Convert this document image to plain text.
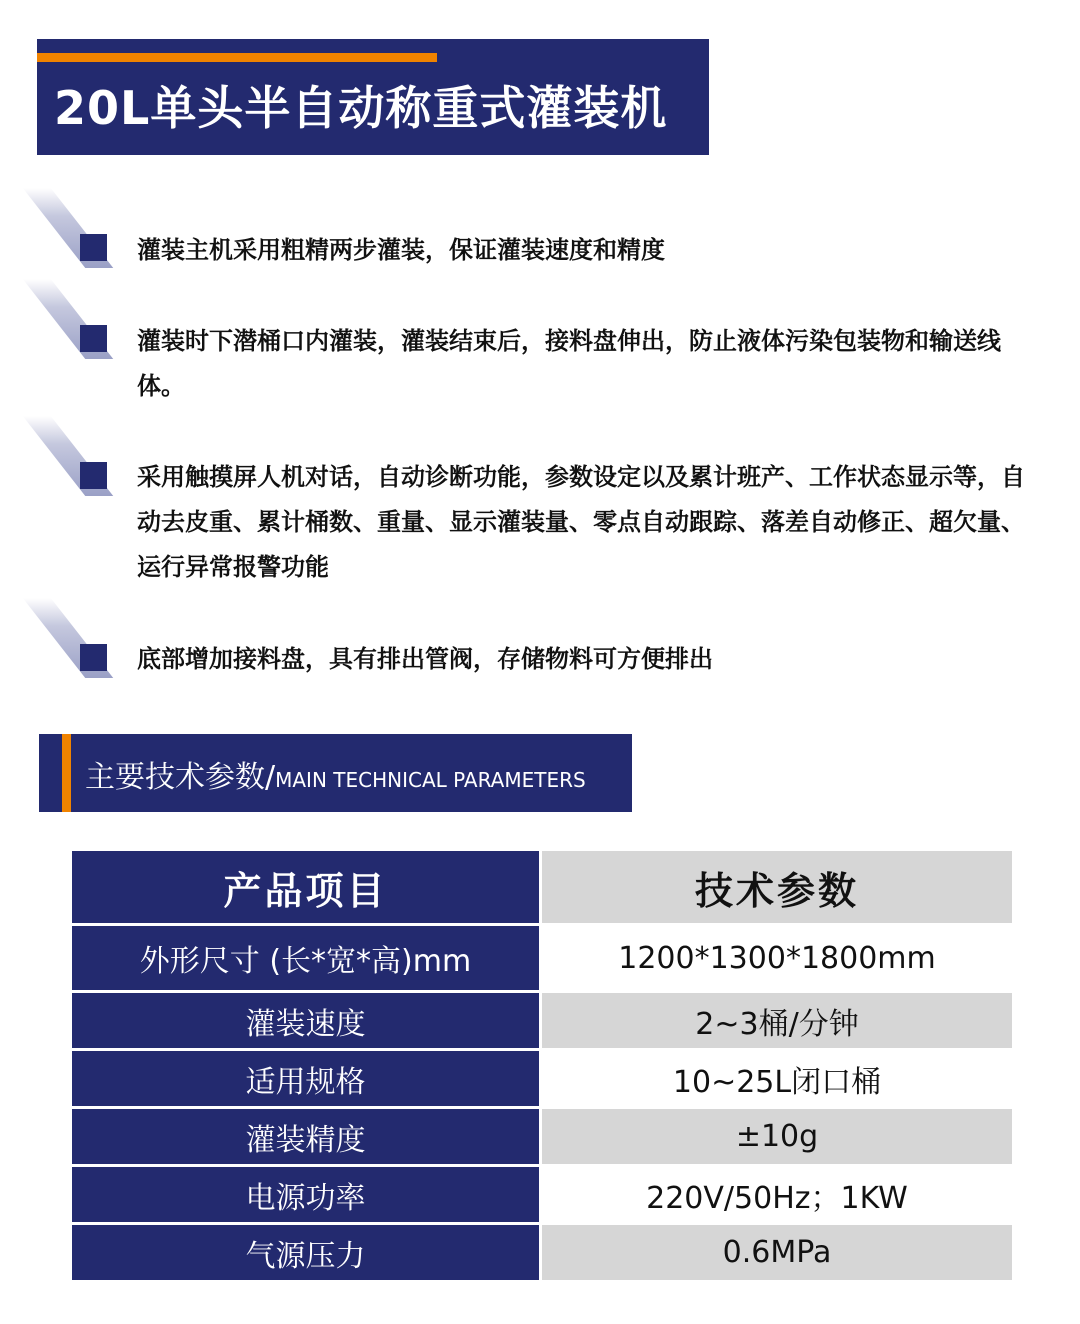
20L单头半自动称重式灌装机
灌装主机采用粗精两步灌装，保证灌装速度和精度
灌装时下潜桶口内灌装，灌装结束后，接料盘伸出，防止液体污染包装物和输送线体。
采用触摸屏人机对话，自动诊断功能，参数设定以及累计班产、工作状态显示等，自动去皮重、累计桶数、重量、显示灌装量、零点自动跟踪、落差自动修正、超欠量、运行异常报警功能
底部增加接料盘，具有排出管阀，存储物料可方便排出
主要技术参数/MAIN TECHNICAL PARAMETERS
产品项目	技术参数
外形尺寸 (长*宽*高)mm	1200*1300*1800mm
灌装速度	2~3桶/分钟
适用规格	10~25L闭口桶
灌装精度	±10g
电源功率	220V/50Hz；1KW
气源压力	0.6MPa
